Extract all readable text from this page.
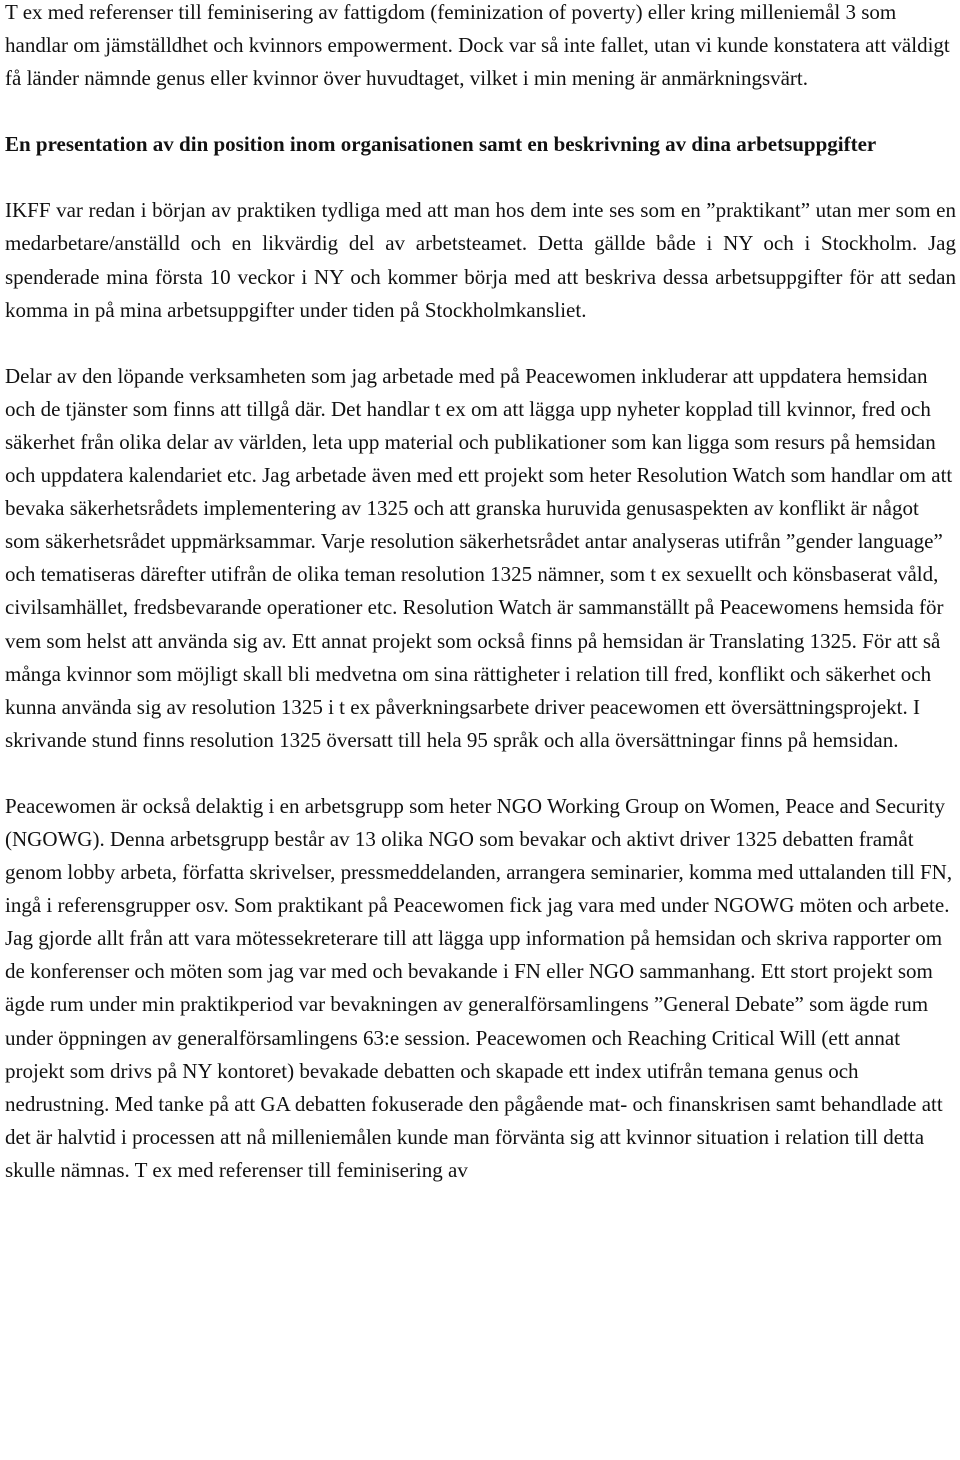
T ex med referenser till feminisering av fattigdom (feminization of poverty) eller kring milleniemål 3 som handlar om jämställdhet och kvinnors empowerment. Dock var så inte fallet, utan vi kunde konstatera att väldigt få länder nämnde genus eller kvinnor över huvudtaget, vilket i min mening är anmärkningsvärt.

En presentation av din position inom organisationen samt en beskrivning av dina arbetsuppgifter

IKFF var redan i början av praktiken tydliga med att man hos dem inte ses som en ”praktikant” utan mer som en medarbetare/anställd och en likvärdig del av arbetsteamet. Detta gällde både i NY och i Stockholm. Jag spenderade mina första 10 veckor i NY och kommer börja med att beskriva dessa arbetsuppgifter för att sedan komma in på mina arbetsuppgifter under tiden på Stockholmkansliet.

Delar av den löpande verksamheten som jag arbetade med på Peacewomen inkluderar att uppdatera hemsidan och de tjänster som finns att tillgå där. Det handlar t ex om att lägga upp nyheter kopplad till kvinnor, fred och säkerhet från olika delar av världen, leta upp material och publikationer som kan ligga som resurs på hemsidan och uppdatera kalendariet etc. Jag arbetade även med ett projekt som heter Resolution Watch som handlar om att bevaka säkerhetsrådets implementering av 1325 och att granska huruvida genusaspekten av konflikt är något som säkerhetsrådet uppmärksammar. Varje resolution säkerhetsrådet antar analyseras utifrån ”gender language” och tematiseras därefter utifrån de olika teman resolution 1325 nämner, som t ex sexuellt och könsbaserat våld, civilsamhället, fredsbevarande operationer etc. Resolution Watch är sammanställt på Peacewomens hemsida för vem som helst att använda sig av. Ett annat projekt som också finns på hemsidan är Translating 1325. För att så många kvinnor som möjligt skall bli medvetna om sina rättigheter i relation till fred, konflikt och säkerhet och kunna använda sig av resolution 1325 i t ex påverkningsarbete driver peacewomen ett översättningsprojekt. I skrivande stund finns resolution 1325 översatt till hela 95 språk och alla översättningar finns på hemsidan.

Peacewomen är också delaktig i en arbetsgrupp som heter NGO Working Group on Women, Peace and Security (NGOWG). Denna arbetsgrupp består av 13 olika NGO som bevakar och aktivt driver 1325 debatten framåt genom lobby arbeta, författa skrivelser, pressmeddelanden, arrangera seminarier, komma med uttalanden till FN, ingå i referensgrupper osv. Som praktikant på Peacewomen fick jag vara med under NGOWG möten och arbete. Jag gjorde allt från att vara mötessekreterare till att lägga upp information på hemsidan och skriva rapporter om de konferenser och möten som jag var med och bevakande i FN eller NGO sammanhang. Ett stort projekt som ägde rum under min praktikperiod var bevakningen av generalförsamlingens ”General Debate” som ägde rum under öppningen av generalförsamlingens 63:e session. Peacewomen och Reaching Critical Will (ett annat projekt som drivs på NY kontoret) bevakade debatten och skapade ett index utifrån temana genus och nedrustning. Med tanke på att GA debatten fokuserade den pågående mat- och finanskrisen samt behandlade att det är halvtid i processen att nå milleniemålen kunde man förvänta sig att kvinnor situation i relation till detta skulle nämnas. T ex med referenser till feminisering av
